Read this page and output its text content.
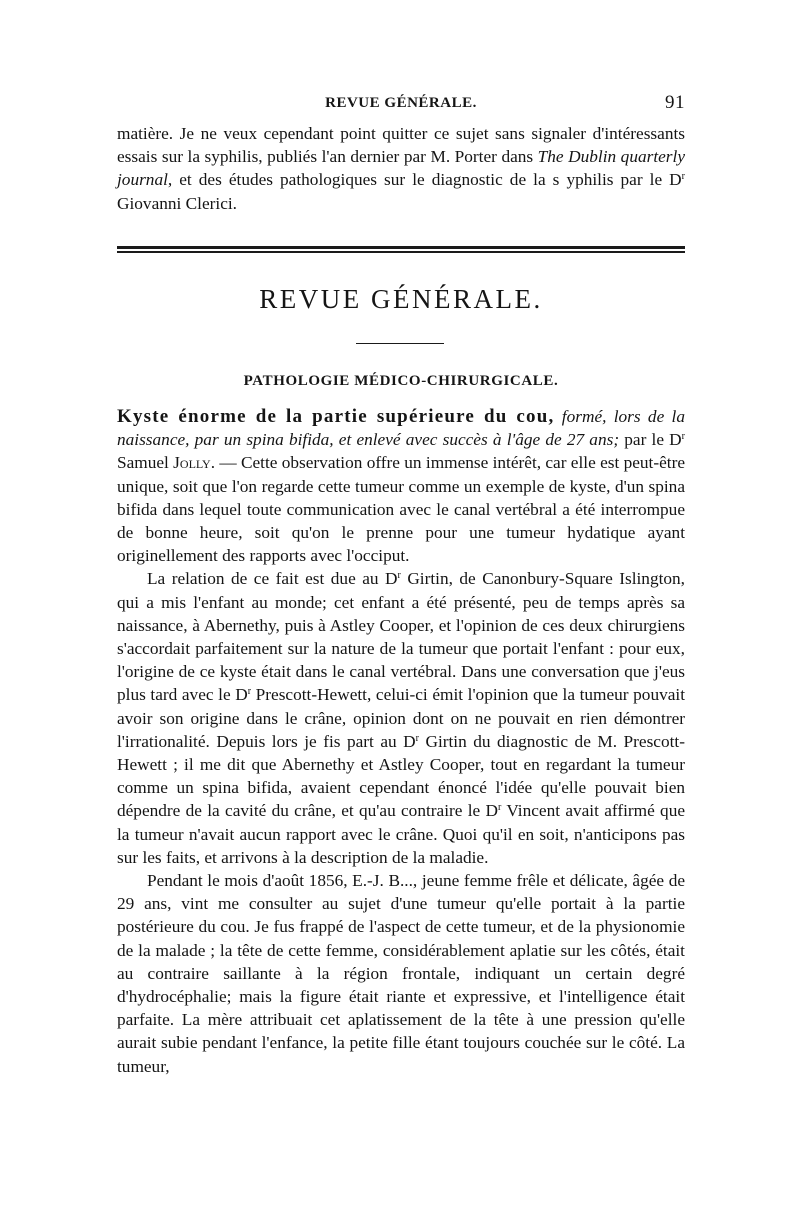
REVUE GÉNÉRALE.	91

matière. Je ne veux cependant point quitter ce sujet sans signaler d'intéressants essais sur la syphilis, publiés l'an dernier par M. Porter dans The Dublin quarterly journal, et des études pathologiques sur le diagnostic de la s yphilis par le $D^r$ Giovanni Clerici.

REVUE GÉNÉRALE.
PATHOLOGIE MÉDICO-CHIRURGICALE.

Kyste énorme de la partie supérieure du cou, formé, lors de la naissance, par un spina bifida, et enlevé avec succès à l'âge de 27 ans; par le $D^r$ Samuel Jolly. — Cette observation offre un immense intérêt, car elle est peut-être unique, soit que l'on regarde cette tumeur comme un exemple de kyste, d'un spina bifida dans lequel toute communication avec le canal vertébral a été interrompue de bonne heure, soit qu'on le prenne pour une tumeur hydatique ayant originellement des rapports avec l'occiput.

La relation de ce fait est due au $D^r$ Girtin, de Canonbury-Square Islington, qui a mis l'enfant au monde; cet enfant a été présenté, peu de temps après sa naissance, à Abernethy, puis à Astley Cooper, et l'opinion de ces deux chirurgiens s'accordait parfaitement sur la nature de la tumeur que portait l'enfant : pour eux, l'origine de ce kyste était dans le canal vertébral. Dans une conversation que j'eus plus tard avec le $D^r$ Prescott-Hewett, celui-ci émit l'opinion que la tumeur pouvait avoir son origine dans le crâne, opinion dont on ne pouvait en rien démontrer l'irrationalité. Depuis lors je fis part au $D^r$ Girtin du diagnostic de M. Prescott-Hewett ; il me dit que Abernethy et Astley Cooper, tout en regardant la tumeur comme un spina bifida, avaient cependant énoncé l'idée qu'elle pouvait bien dépendre de la cavité du crâne, et qu'au contraire le $D^r$ Vincent avait affirmé que la tumeur n'avait aucun rapport avec le crâne. Quoi qu'il en soit, n'anticipons pas sur les faits, et arrivons à la description de la maladie.

Pendant le mois d'août 1856, E.-J. B..., jeune femme frêle et délicate, âgée de 29 ans, vint me consulter au sujet d'une tumeur qu'elle portait à la partie postérieure du cou. Je fus frappé de l'aspect de cette tumeur, et de la physionomie de la malade ; la tête de cette femme, considérablement aplatie sur les côtés, était au contraire saillante à la région frontale, indiquant un certain degré d'hydrocéphalie; mais la figure était riante et expressive, et l'intelligence était parfaite. La mère attribuait cet aplatissement de la tête à une pression qu'elle aurait subie pendant l'enfance, la petite fille étant toujours couchée sur le côté. La tumeur,
